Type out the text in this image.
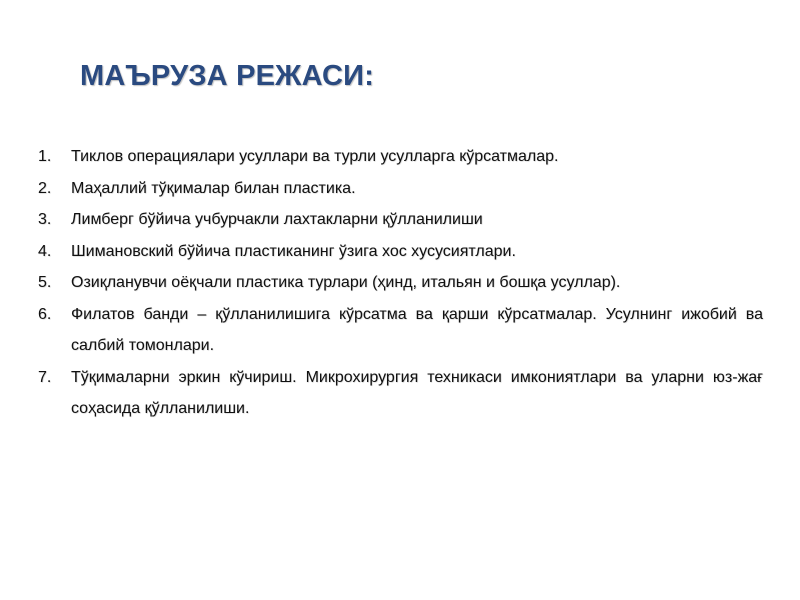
МАЪРУЗА РЕЖАСИ:
1.	Тиклов операциялари усуллари ва турли усулларга кўрсатмалар.
2.	Маҳаллий тўқималар билан пластика.
3.	Лимберг бўйича учбурчакли лахтакларни қўлланилиши
4.	Шимановский бўйича пластиканинг ўзига хос хусусиятлари.
5.	Озиқланувчи оёқчали пластика турлари (ҳинд, итальян и бошқа усуллар).
6.	Филатов банди – қўлланилишига кўрсатма ва қарши кўрсатмалар. Усулнинг ижобий ва салбий томонлари.
7.	Тўқималарни эркин кўчириш. Микрохирургия техникаси имкониятлари ва уларни юз-жағ соҳасида қўлланилиши.
